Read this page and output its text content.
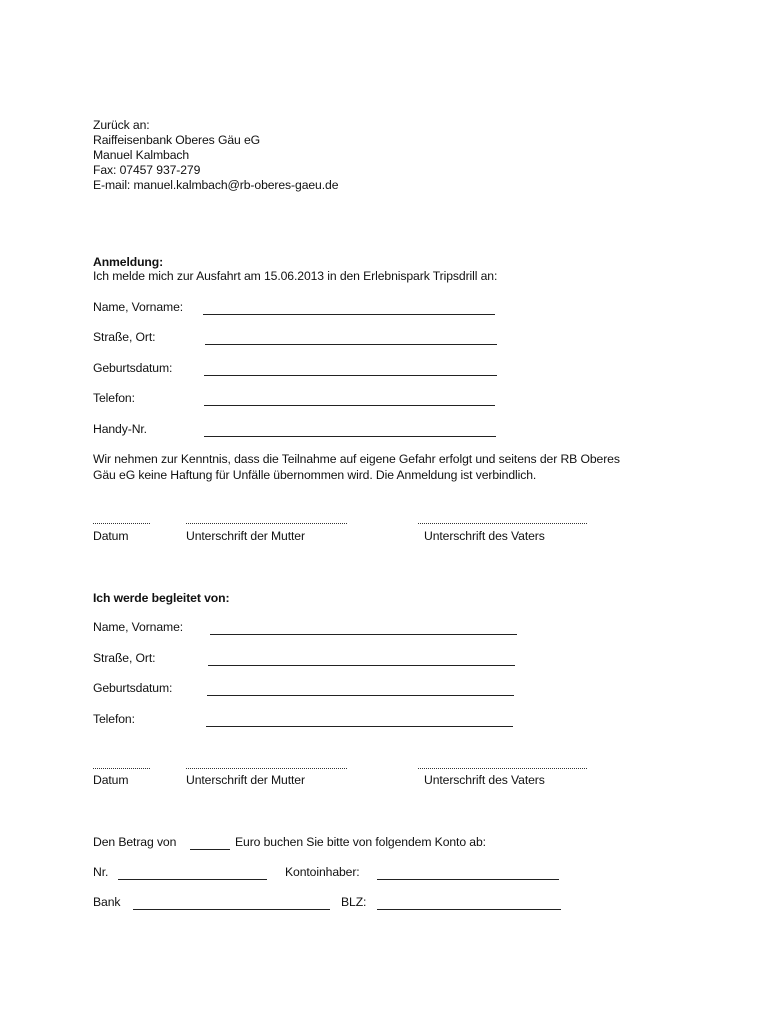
Zurück an:
Raiffeisenbank Oberes Gäu eG
Manuel Kalmbach
Fax: 07457 937-279
E-mail: manuel.kalmbach@rb-oberes-gaeu.de
Anmeldung:
Ich melde mich zur Ausfahrt am 15.06.2013 in den Erlebnispark Tripsdrill an:
Name, Vorname:
Straße, Ort:
Geburtsdatum:
Telefon:
Handy-Nr.
Wir nehmen zur Kenntnis, dass die Teilnahme auf eigene Gefahr erfolgt und seitens der RB Oberes
Gäu eG keine Haftung für Unfälle übernommen wird. Die Anmeldung ist verbindlich.
Datum	Unterschrift der Mutter	Unterschrift des Vaters
Ich werde begleitet von:
Name, Vorname:
Straße, Ort:
Geburtsdatum:
Telefon:
Datum	Unterschrift der Mutter	Unterschrift des Vaters
Den Betrag von	Euro buchen Sie bitte von folgendem Konto ab:
Nr.	Kontoinhaber:
Bank	BLZ:
